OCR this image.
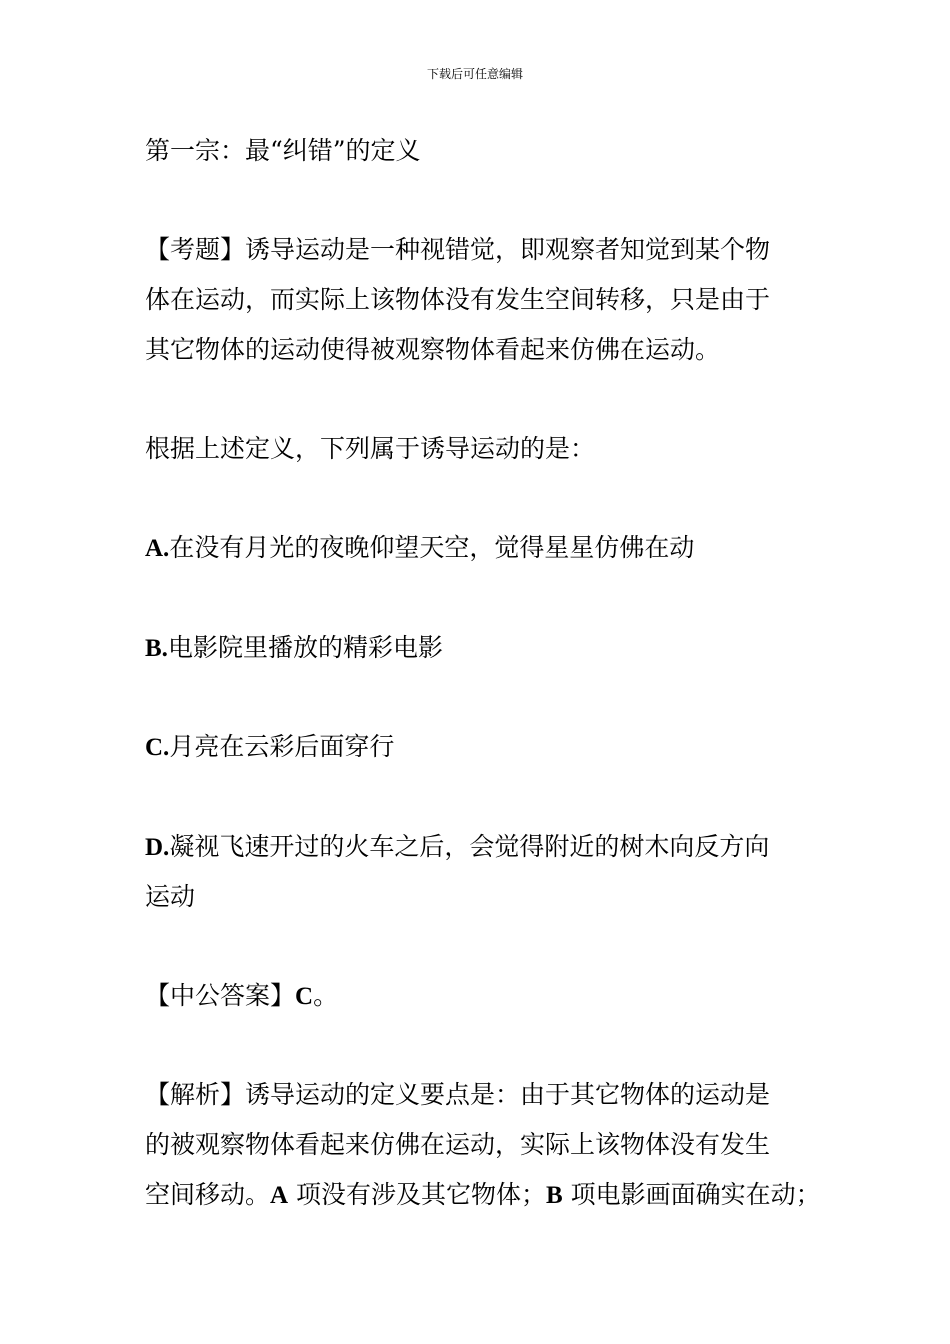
下载后可任意编辑

第一宗：最“纠错”的定义

【考题】诱导运动是一种视错觉，即观察者知觉到某个物

体在运动，而实际上该物体没有发生空间转移，只是由于

其它物体的运动使得被观察物体看起来仿佛在运动。

根据上述定义，下列属于诱导运动的是：

A.在没有月光的夜晚仰望天空，觉得星星仿佛在动

B.电影院里播放的精彩电影

C.月亮在云彩后面穿行

D.凝视飞速开过的火车之后，会觉得附近的树木向反方向

运动

【中公答案】C。

【解析】诱导运动的定义要点是：由于其它物体的运动是

的被观察物体看起来仿佛在运动，实际上该物体没有发生

空间移动。A 项没有涉及其它物体；B 项电影画面确实在动；
